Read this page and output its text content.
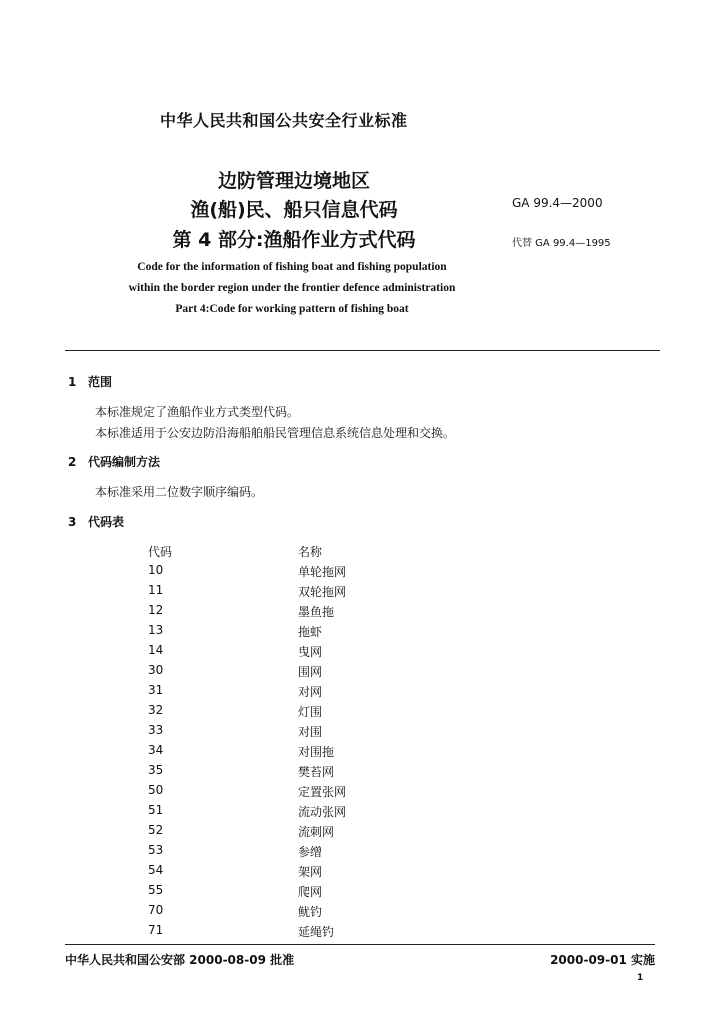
中华人民共和国公共安全行业标准
边防管理边境地区
渔(船)民、船只信息代码
第 4 部分:渔船作业方式代码
GA 99.4—2000
代替 GA 99.4—1995
Code for the information of fishing boat and fishing population
within the border region under the frontier defence administration
Part 4:Code for working pattern of fishing boat
1 范围
本标准规定了渔船作业方式类型代码。
本标准适用于公安边防沿海船舶船民管理信息系统信息处理和交换。
2 代码编制方法
本标准采用二位数字顺序编码。
3 代码表
代码	名称
10	单轮拖网
11	双轮拖网
12	墨鱼拖
13	拖虾
14	曳网
30	围网
31	对网
32	灯围
33	对围
34	对围拖
35	樊苔网
50	定置张网
51	流动张网
52	流刺网
53	参缯
54	架网
55	爬网
70	鱿钓
71	延绳钓
中华人民共和国公安部 2000-08-09 批准	2000-09-01 实施
1
